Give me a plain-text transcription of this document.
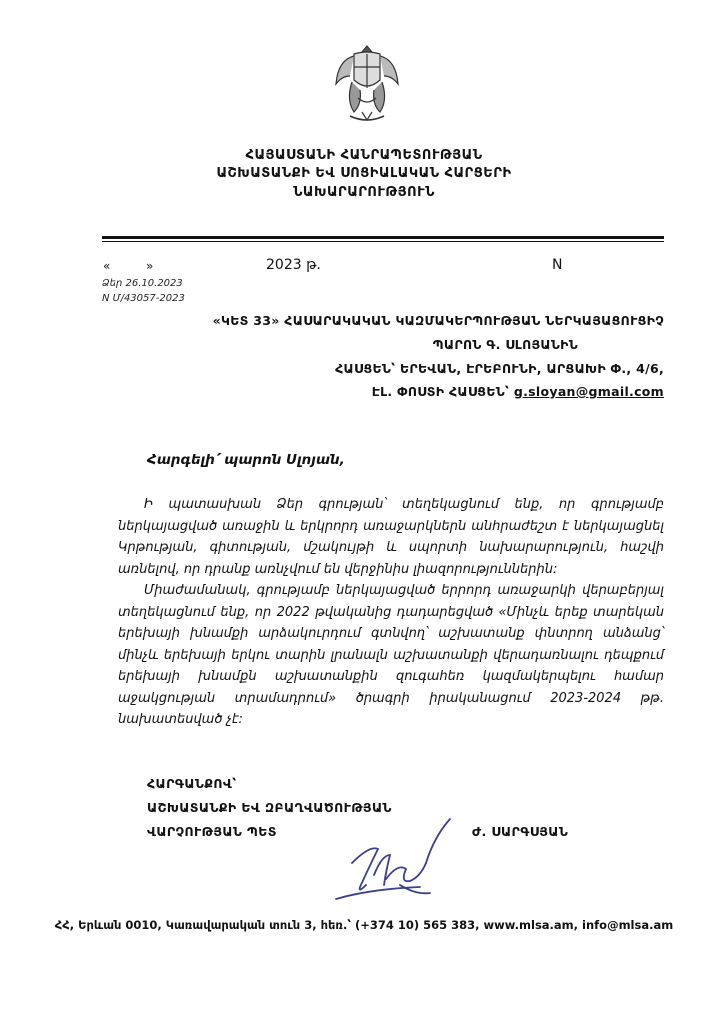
ՀԱՅԱՍՏԱՆԻ ՀԱՆՐԱՊԵՏՈՒԹՅԱՆ
ԱՇԽԱՏԱՆՔԻ ԵՎ ՍՈՑԻԱԼԱԿԱՆ ՀԱՐՑԵՐԻ
ՆԱԽԱՐԱՐՈՒԹՅՈՒՆ
«	»	2023 թ.	N
Ձեր 26.10.2023
N Մ/43057-2023
«ԿԵՏ 33» ՀԱՍԱՐԱԿԱԿԱՆ ԿԱԶՄԱԿԵՐՊՈՒԹՅԱՆ ՆԵՐԿԱՅԱՑՈՒՑԻՉ
ՊԱՐՈՆ Գ. ՍԼՈՅԱՆԻՆ
ՀԱՍՑԵՆ՝ ԵՐԵՎԱՆ, ԷՐԵԲՈՒՆԻ, ԱՐՑԱԽԻ Փ., 4/6,
ԷԼ. ՓՈՍՏԻ ՀԱՍՑԵՆ՝ g.sloyan@gmail.com
Հարգելի՛ պարոն Սլոյան,

Ի պատասխան Ձեր գրության՝ տեղեկացնում ենք, որ գրությամբ ներկայացված առաջին և երկրորդ առաջարկներն անհրաժեշտ է ներկայացնել Կրթության, գիտության, մշակույթի և սպորտի նախարարություն, հաշվի առնելով, որ դրանք առնչվում են վերջինիս լիազորություններին:

Միաժամանակ, գրությամբ ներկայացված երրորդ առաջարկի վերաբերյալ տեղեկացնում ենք, որ 2022 թվականից դադարեցված «Մինչև երեք տարեկան երեխայի խնամքի արձակուրդում գտնվող՝ աշխատանք փնտրող անձանց՝ մինչև երեխայի երկու տարին լրանալն աշխատանքի վերադառնալու դեպքում երեխայի խնամքն աշխատանքին զուգահեռ կազմակերպելու համար աջակցության տրամադրում» ծրագրի իրականացում 2023-2024 թթ. նախատեսված չէ:

ՀԱՐԳԱՆՔՈՎ՝
ԱՇԽԱՏԱՆՔԻ ԵՎ ԶԲԱՂՎԱԾՈՒԹՅԱՆ
ՎԱՐՉՈՒԹՅԱՆ ՊԵՏ	Ժ. ՍԱՐԳՍՅԱՆ
ՀՀ, Երևան 0010, Կառավարական տուն 3, հեռ.՝ (+374 10) 565 383, www.mlsa.am, info@mlsa.am
